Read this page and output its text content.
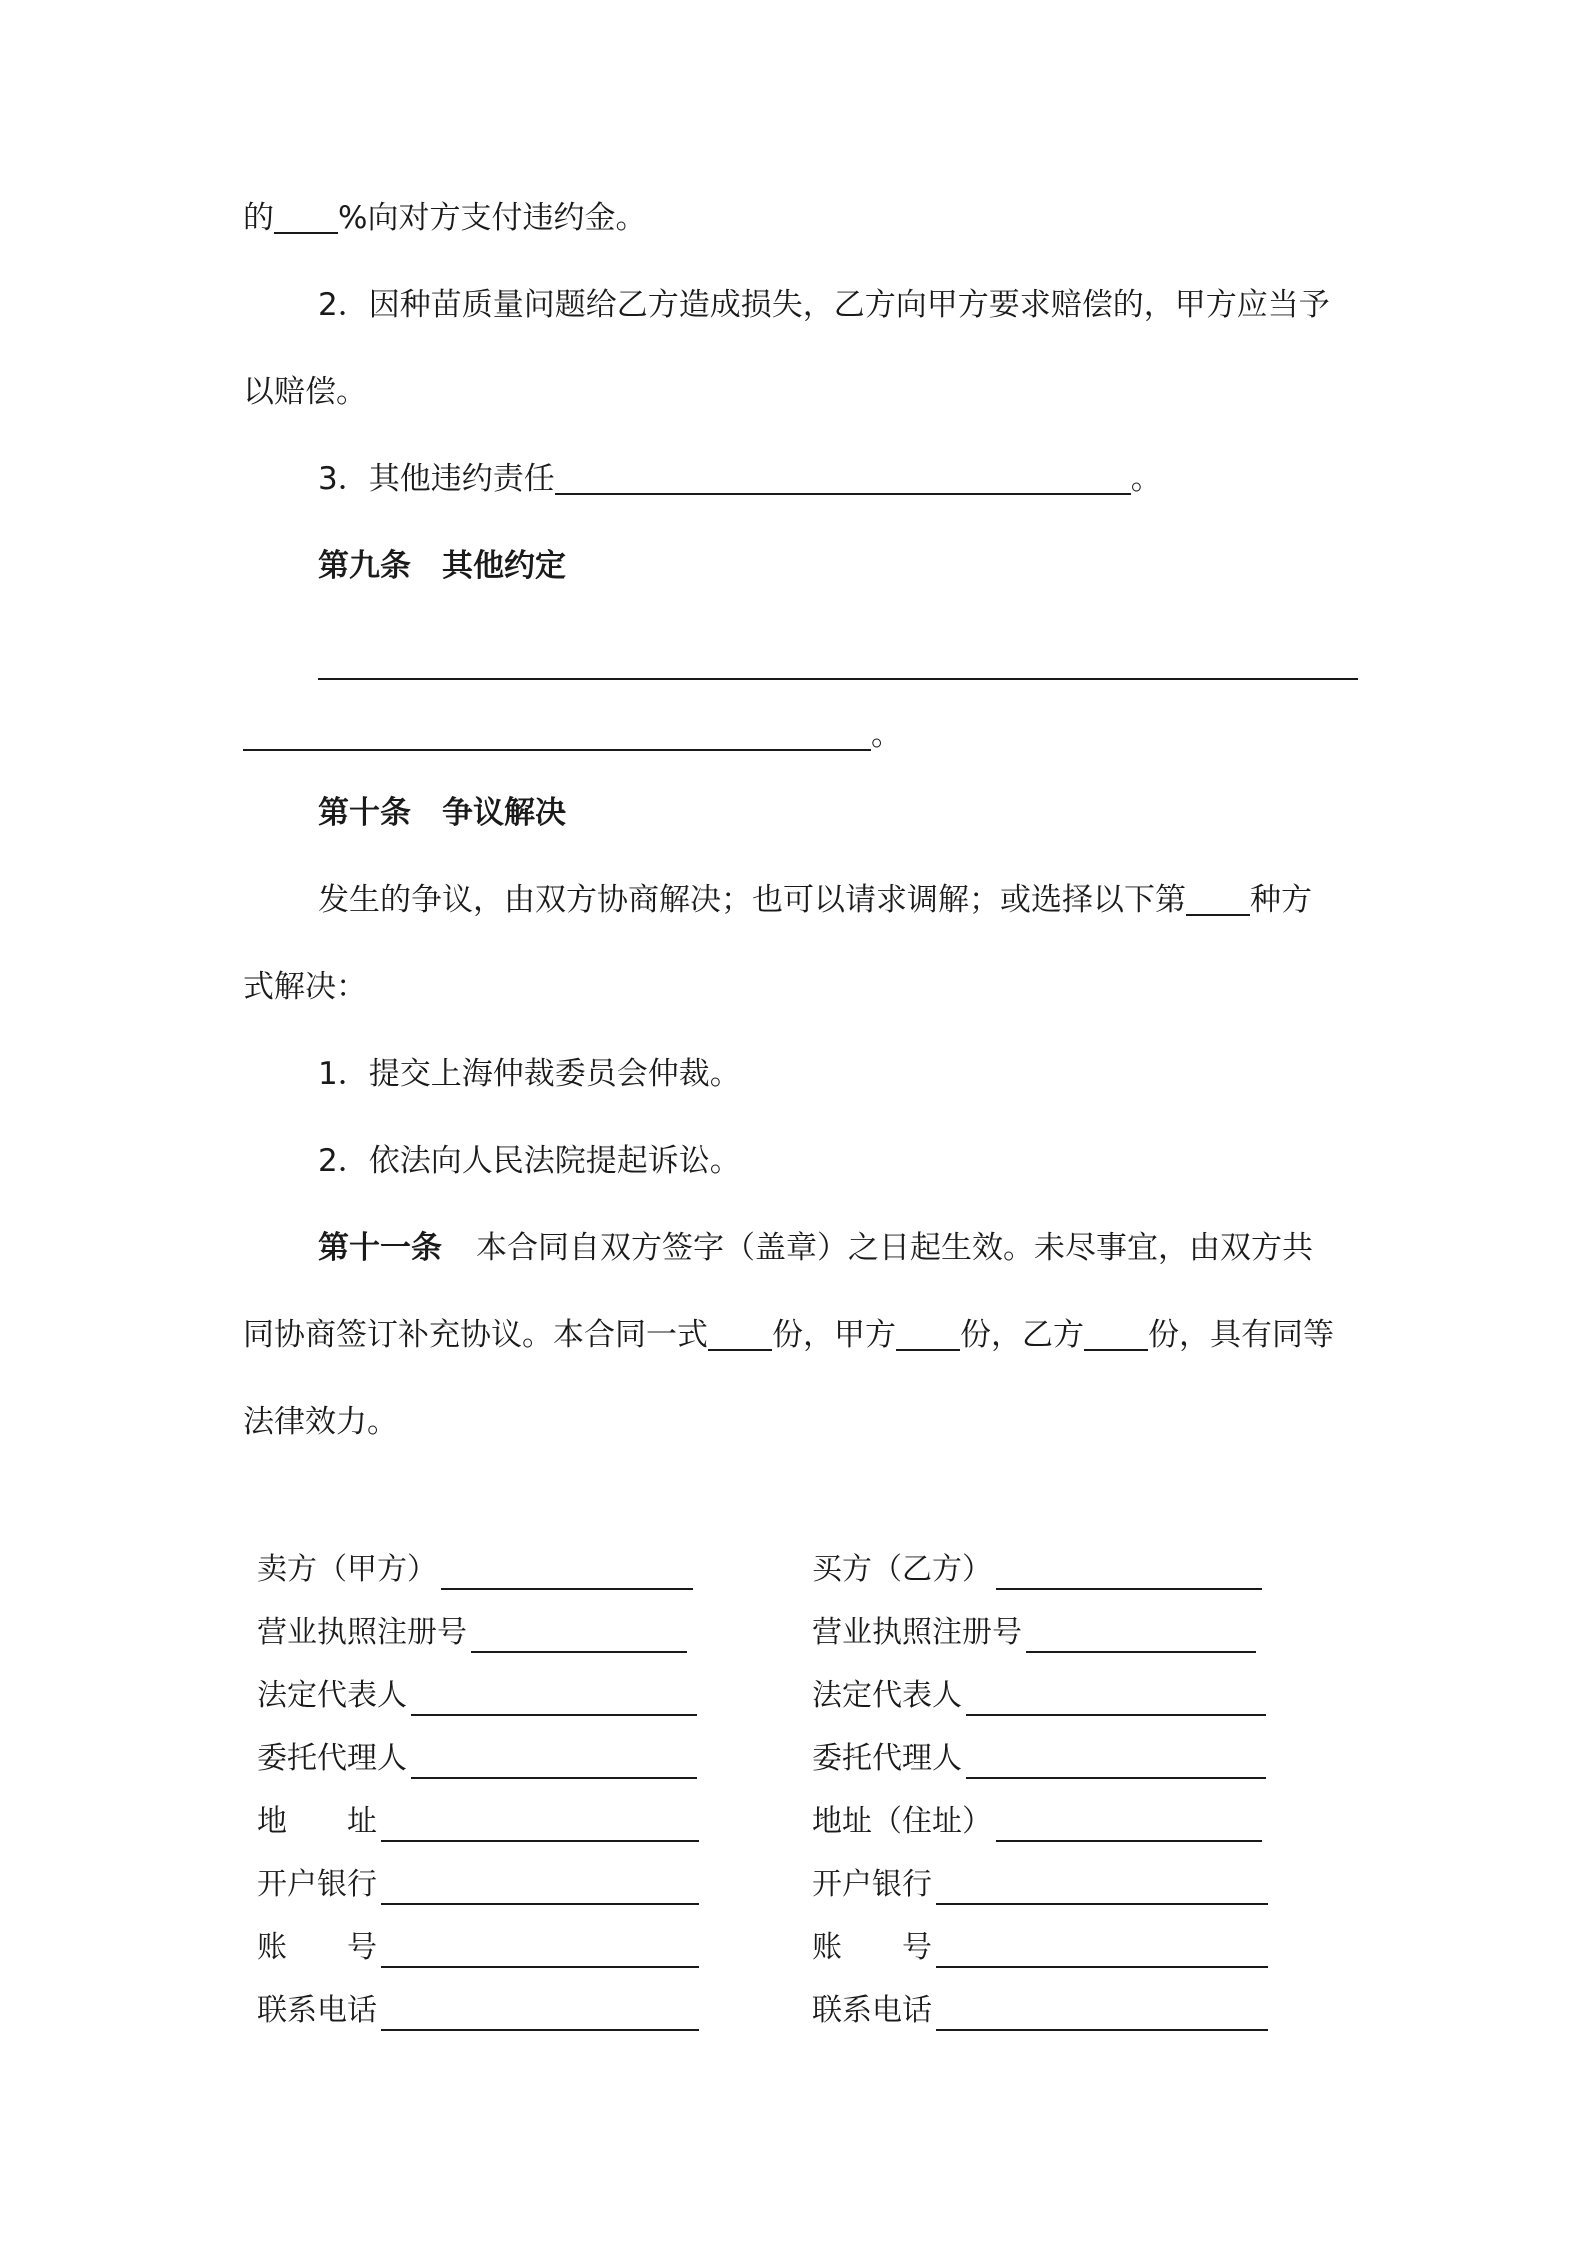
的 %向对方支付违约金。
2．因种苗质量问题给乙方造成损失，乙方向甲方要求赔偿的，甲方应当予
以赔偿。
3．其他违约责任	。
第九条　其他约定
。
第十条　争议解决
发生的争议，由双方协商解决；也可以请求调解；或选择以下第 种方
式解决：
1．提交上海仲裁委员会仲裁。
2．依法向人民法院提起诉讼。
第十一条 本合同自双方签字（盖章）之日起生效。未尽事宜，由双方共
同协商签订补充协议。本合同一式 份，甲方 份，乙方 份，具有同等
法律效力。
卖方（甲方）
营业执照注册号
法定代表人
委托代理人
地　　址
开户银行
账　　号
联系电话
买方（乙方）
营业执照注册号
法定代表人
委托代理人
地址（住址）
开户银行
账　　号
联系电话
